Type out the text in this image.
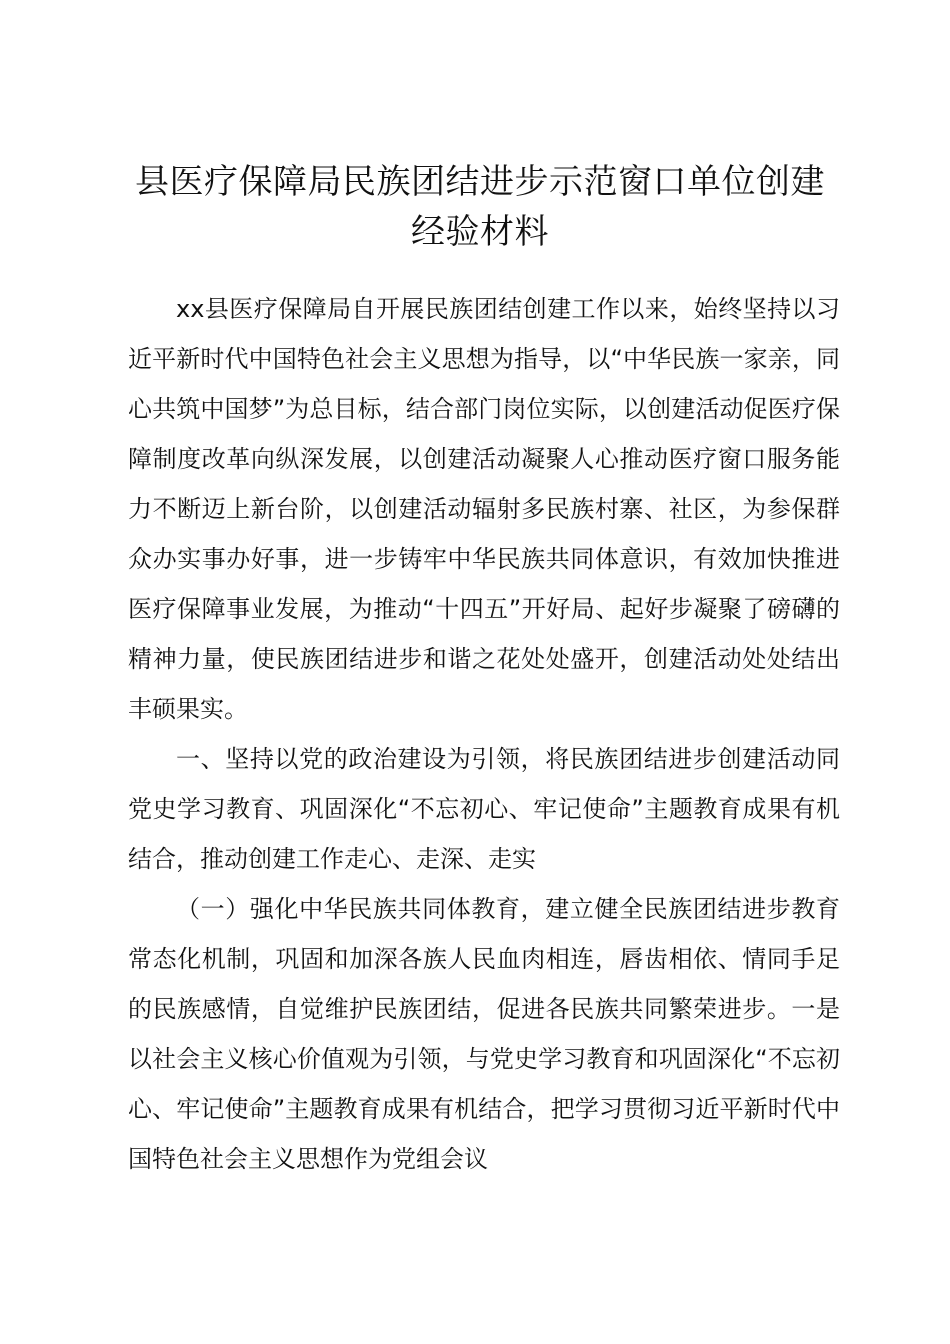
县医疗保障局民族团结进步示范窗口单位创建
经验材料

xx县医疗保障局自开展民族团结创建工作以来，始终坚持以习近平新时代中国特色社会主义思想为指导，以“中华民族一家亲，同心共筑中国梦”为总目标，结合部门岗位实际，以创建活动促医疗保障制度改革向纵深发展，以创建活动凝聚人心推动医疗窗口服务能力不断迈上新台阶，以创建活动辐射多民族村寨、社区，为参保群众办实事办好事，进一步铸牢中华民族共同体意识，有效加快推进医疗保障事业发展，为推动“十四五”开好局、起好步凝聚了磅礴的精神力量，使民族团结进步和谐之花处处盛开，创建活动处处结出丰硕果实。

一、坚持以党的政治建设为引领，将民族团结进步创建活动同党史学习教育、巩固深化“不忘初心、牢记使命”主题教育成果有机结合，推动创建工作走心、走深、走实

（一）强化中华民族共同体教育，建立健全民族团结进步教育常态化机制，巩固和加深各族人民血肉相连，唇齿相依、情同手足的民族感情，自觉维护民族团结，促进各民族共同繁荣进步。一是以社会主义核心价值观为引领，与党史学习教育和巩固深化“不忘初心、牢记使命”主题教育成果有机结合，把学习贯彻习近平新时代中国特色社会主义思想作为党组会议
